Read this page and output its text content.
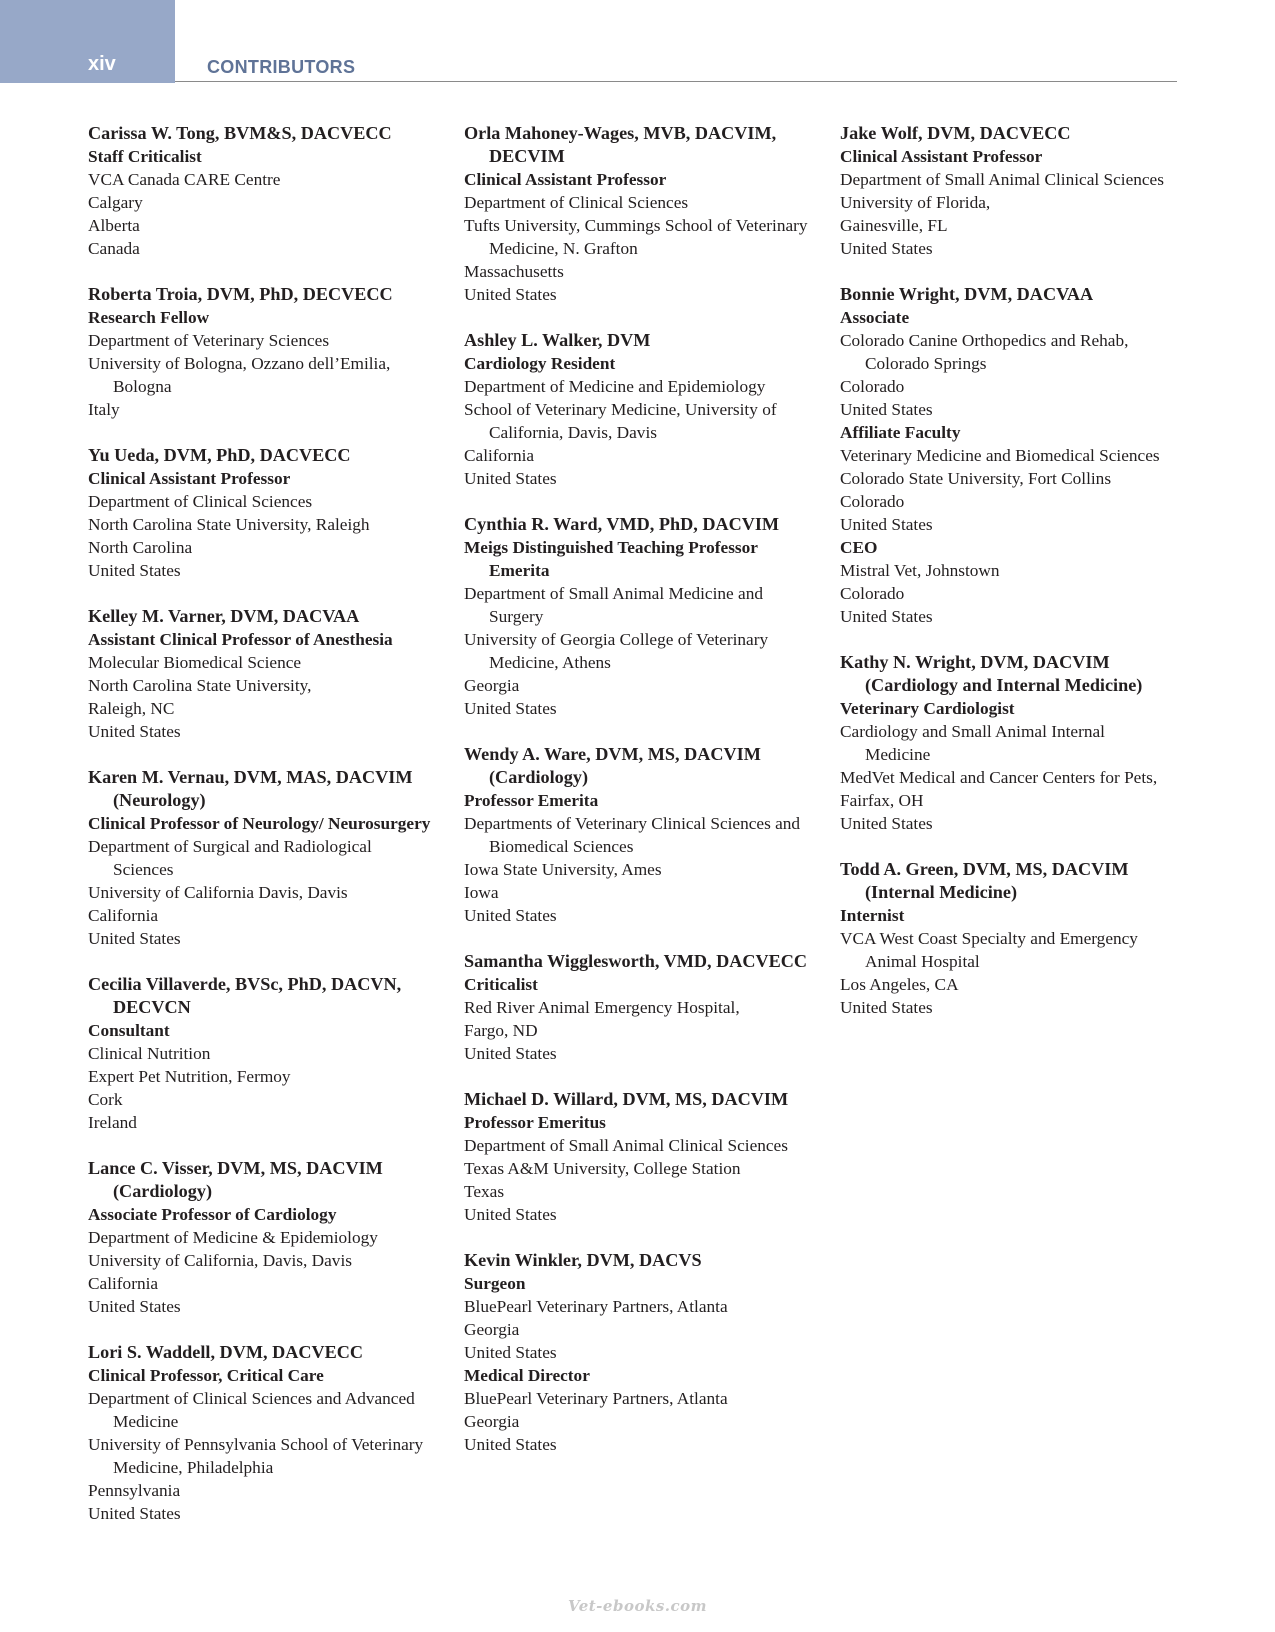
xiv	CONTRIBUTORS
Carissa W. Tong, BVM&S, DACVECC
Staff Criticalist
VCA Canada CARE Centre
Calgary
Alberta
Canada
Roberta Troia, DVM, PhD, DECVECC
Research Fellow
Department of Veterinary Sciences
University of Bologna, Ozzano dell’Emilia, Bologna
Italy
Yu Ueda, DVM, PhD, DACVECC
Clinical Assistant Professor
Department of Clinical Sciences
North Carolina State University, Raleigh
North Carolina
United States
Kelley M. Varner, DVM, DACVAA
Assistant Clinical Professor of Anesthesia
Molecular Biomedical Science
North Carolina State University,
Raleigh, NC
United States
Karen M. Vernau, DVM, MAS, DACVIM (Neurology)
Clinical Professor of Neurology/ Neurosurgery
Department of Surgical and Radiological Sciences
University of California Davis, Davis
California
United States
Cecilia Villaverde, BVSc, PhD, DACVN, DECVCN
Consultant
Clinical Nutrition
Expert Pet Nutrition, Fermoy
Cork
Ireland
Lance C. Visser, DVM, MS, DACVIM (Cardiology)
Associate Professor of Cardiology
Department of Medicine & Epidemiology
University of California, Davis, Davis
California
United States
Lori S. Waddell, DVM, DACVECC
Clinical Professor, Critical Care
Department of Clinical Sciences and Advanced Medicine
University of Pennsylvania School of Veterinary Medicine, Philadelphia
Pennsylvania
United States
Orla Mahoney-Wages, MVB, DACVIM, DECVIM
Clinical Assistant Professor
Department of Clinical Sciences
Tufts University, Cummings School of Veterinary Medicine, N. Grafton
Massachusetts
United States
Ashley L. Walker, DVM
Cardiology Resident
Department of Medicine and Epidemiology
School of Veterinary Medicine, University of California, Davis, Davis
California
United States
Cynthia R. Ward, VMD, PhD, DACVIM
Meigs Distinguished Teaching Professor Emerita
Department of Small Animal Medicine and Surgery
University of Georgia College of Veterinary Medicine, Athens
Georgia
United States
Wendy A. Ware, DVM, MS, DACVIM (Cardiology)
Professor Emerita
Departments of Veterinary Clinical Sciences and Biomedical Sciences
Iowa State University, Ames
Iowa
United States
Samantha Wigglesworth, VMD, DACVECC
Criticalist
Red River Animal Emergency Hospital,
Fargo, ND
United States
Michael D. Willard, DVM, MS, DACVIM
Professor Emeritus
Department of Small Animal Clinical Sciences
Texas A&M University, College Station
Texas
United States
Kevin Winkler, DVM, DACVS
Surgeon
BluePearl Veterinary Partners, Atlanta
Georgia
United States
Medical Director
BluePearl Veterinary Partners, Atlanta
Georgia
United States
Jake Wolf, DVM, DACVECC
Clinical Assistant Professor
Department of Small Animal Clinical Sciences
University of Florida,
Gainesville, FL
United States
Bonnie Wright, DVM, DACVAA
Associate
Colorado Canine Orthopedics and Rehab, Colorado Springs
Colorado
United States
Affiliate Faculty
Veterinary Medicine and Biomedical Sciences
Colorado State University, Fort Collins
Colorado
United States
CEO
Mistral Vet, Johnstown
Colorado
United States
Kathy N. Wright, DVM, DACVIM (Cardiology and Internal Medicine)
Veterinary Cardiologist
Cardiology and Small Animal Internal Medicine
MedVet Medical and Cancer Centers for Pets,
Fairfax, OH
United States
Todd A. Green, DVM, MS, DACVIM (Internal Medicine)
Internist
VCA West Coast Specialty and Emergency Animal Hospital
Los Angeles, CA
United States
Vet-ebooks.com
